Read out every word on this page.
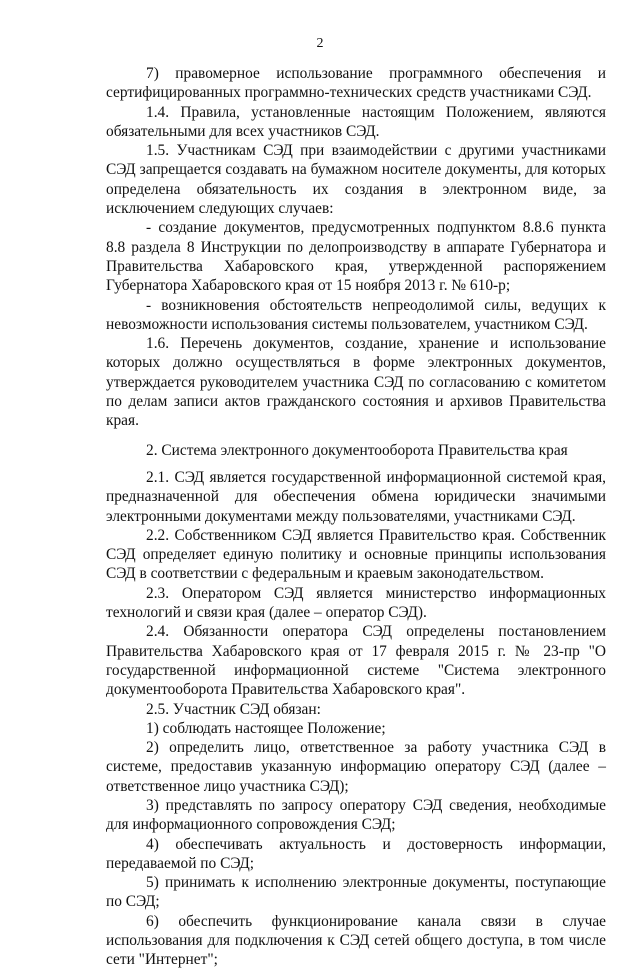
2

7) правомерное использование программного обеспечения и сертифицированных программно-технических средств участниками СЭД.

1.4. Правила, установленные настоящим Положением, являются обязательными для всех участников СЭД.

1.5. Участникам СЭД при взаимодействии с другими участниками СЭД запрещается создавать на бумажном носителе документы, для которых определена обязательность их создания в электронном виде, за исключением следующих случаев:

- создание документов, предусмотренных подпунктом 8.8.6 пункта 8.8 раздела 8 Инструкции по делопроизводству в аппарате Губернатора и Правительства Хабаровского края, утвержденной распоряжением Губернатора Хабаровского края от 15 ноября 2013 г. № 610-р;

- возникновения обстоятельств непреодолимой силы, ведущих к невозможности использования системы пользователем, участником СЭД.

1.6. Перечень документов, создание, хранение и использование которых должно осуществляться в форме электронных документов, утверждается руководителем участника СЭД по согласованию с комитетом по делам записи актов гражданского состояния и архивов Правительства края.

2. Система электронного документооборота Правительства края

2.1. СЭД является государственной информационной системой края, предназначенной для обеспечения обмена юридически значимыми электронными документами между пользователями, участниками СЭД.

2.2. Собственником СЭД является Правительство края. Собственник СЭД определяет единую политику и основные принципы использования СЭД в соответствии с федеральным и краевым законодательством.

2.3. Оператором СЭД является министерство информационных технологий и связи края (далее – оператор СЭД).

2.4. Обязанности оператора СЭД определены постановлением Правительства Хабаровского края от 17 февраля 2015 г. № 23-пр "О государственной информационной системе "Система электронного документооборота Правительства Хабаровского края".

2.5. Участник СЭД обязан:

1) соблюдать настоящее Положение;

2) определить лицо, ответственное за работу участника СЭД в системе, предоставив указанную информацию оператору СЭД (далее – ответственное лицо участника СЭД);

3) представлять по запросу оператору СЭД сведения, необходимые для информационного сопровождения СЭД;

4) обеспечивать актуальность и достоверность информации, передаваемой по СЭД;

5) принимать к исполнению электронные документы, поступающие по СЭД;

6) обеспечить функционирование канала связи в случае использования для подключения к СЭД сетей общего доступа, в том числе сети "Интернет";
